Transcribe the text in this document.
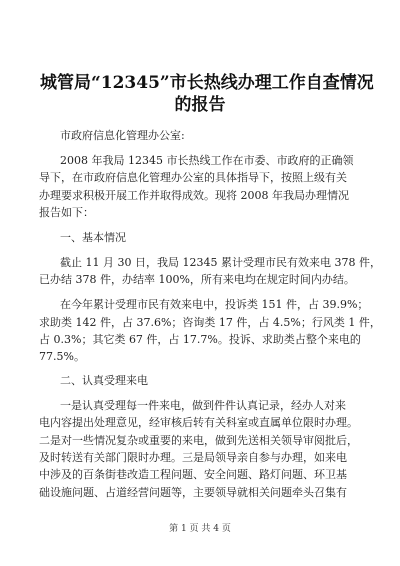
城管局“12345”市长热线办理工作自查情况
的报告
市政府信息化管理办公室:
2008 年我局 12345 市长热线工作在市委、市政府的正确领
导下，在市政府信息化管理办公室的具体指导下，按照上级有关
办理要求积极开展工作并取得成效。现将 2008 年我局办理情况
报告如下：
一、基本情况
截止 11 月 30 日，我局 12345 累计受理市民有效来电 378 件，
已办结 378 件，办结率 100%，所有来电均在规定时间内办结。
在今年累计受理市民有效来电中，投诉类 151 件，占 39.9%；
求助类 142 件，占 37.6%；咨询类 17 件，占 4.5%；行风类 1 件，
占 0.3%；其它类 67 件，占 17.7%。投诉、求助类占整个来电的
77.5%。
二、认真受理来电
一是认真受理每一件来电，做到件件认真记录，经办人对来
电内容提出处理意见，经审核后转有关科室或直属单位限时办理。
二是对一些情况复杂或重要的来电，做到先送相关领导审阅批后，
及时转送有关部门限时办理。三是局领导亲自参与办理，如来电
中涉及的百条街巷改造工程问题、安全问题、路灯问题、环卫基
础设施问题、占道经营问题等，主要领导就相关问题牵头召集有
第 1 页 共 4 页
